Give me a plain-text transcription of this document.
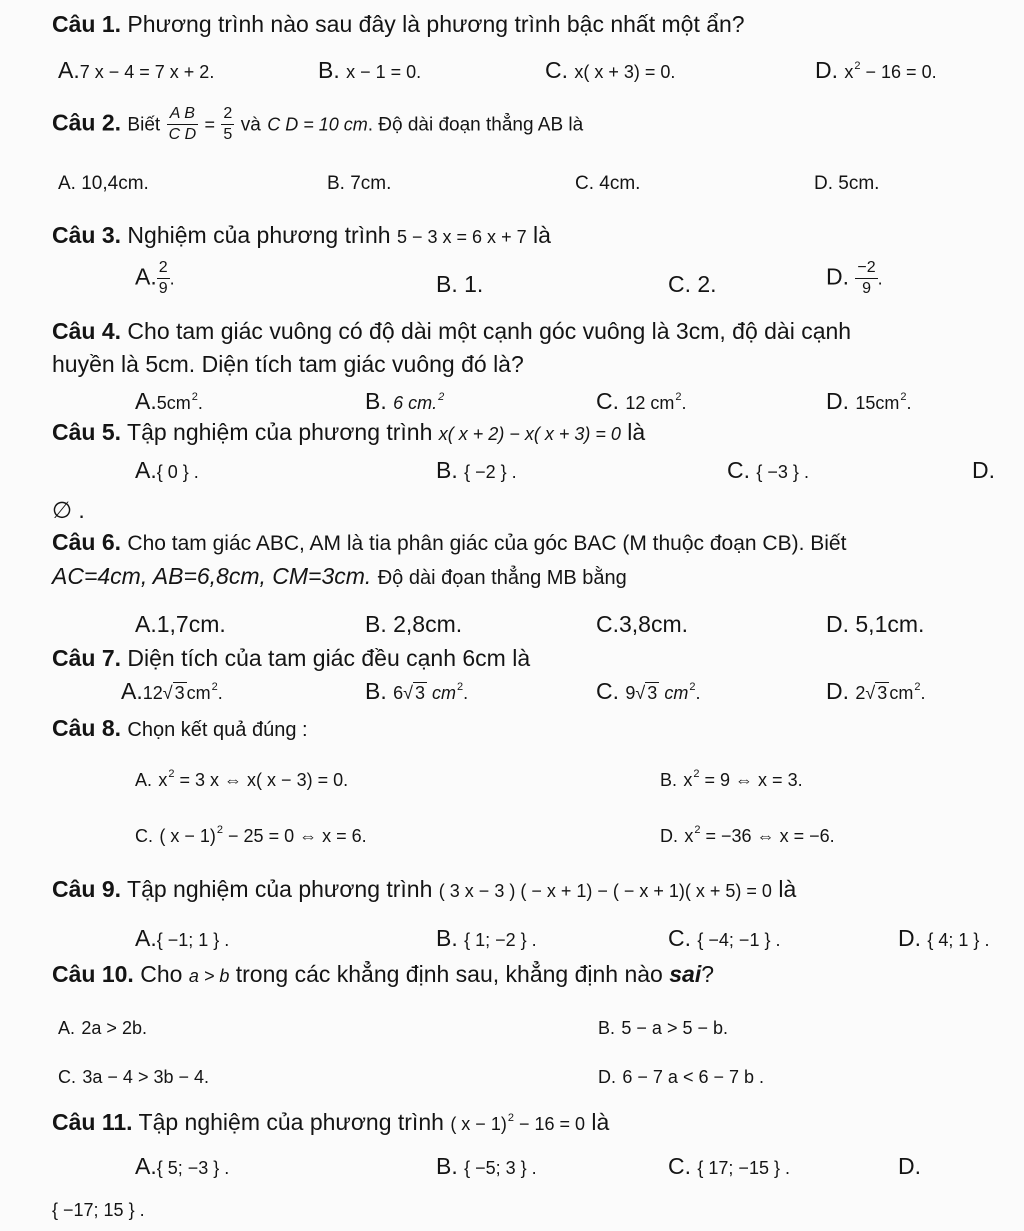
Câu 1. Phương trình nào sau đây là phương trình bậc nhất một ẩn?
A.7 x − 4 = 7 x + 2.	B. x − 1 = 0.	C. x( x + 3) = 0.	D. $x^2 - 16 = 0$.
Câu 2. Biết $\frac{\text{A B}}{\text{C D}} = \frac{2}{5}$ và C D = 10 cm. Độ dài đoạn thẳng AB là
A. 10,4cm.	B. 7cm.	C. 4cm.	D. 5cm.
Câu 3. Nghiệm của phương trình 5 − 3 x = 6 x + 7 là
A. $\frac{2}{9}$ .	B. 1.	C. 2.	D. $\frac{-2}{9}$ .
Câu 4. Cho tam giác vuông có độ dài một cạnh góc vuông là 3cm, độ dài cạnh
huyền là 5cm. Diện tích tam giác vuông đó là?
$A.5cm^2$.	B. 6 cm.$^2$	C. 12 $cm^2$.	D. $15cm^2$.
Câu 5. Tập nghiệm của phương trình x( x + 2) − x( x + 3) = 0 là
A.{ 0 } .	B. { −2 } .	C. { −3 } .	D.
∅ .
Câu 6. Cho tam giác ABC, AM là tia phân giác của góc BAC (M thuộc đoạn CB). Biết
AC=4cm, AB=6,8cm, CM=3cm. Độ dài đọan thẳng MB bằng
A.1,7cm.	B. 2,8cm.	C.3,8cm.	D. 5,1cm.
Câu 7. Diện tích của tam giác đều cạnh 6cm là
A.12√ 3 $cm^2$.	B. 6√ 3 $cm^2$.	C. 9√ 3 $cm^2$.	D. 2√ 3 $cm^2$.
Câu 8. Chọn kết quả đúng :
A. $x^2 = 3$ x ⇔ x( x − 3) = 0.	B. $x^2 = 9$ ⇔ x = 3.
C. ( x − 1)$^2$ − 25 = 0 ⇔ x = 6.	D. $x^2 = -36$ ⇔ x = −6.
Câu 9. Tập nghiệm của phương trình ( 3 x − 3 ) ( − x + 1) − ( − x + 1)( x + 5) = 0 là
A.{ −1; 1 } .	B. { 1; −2 } .	C. { −4; −1 } .	D. { 4; 1 } .
Câu 10. Cho a > b trong các khẳng định sau, khẳng định nào sai?
A. 2a > 2b.	B. 5 − a > 5 − b.
C. 3a − 4 > 3b − 4.	D. 6 − 7 a < 6 − 7 b .
Câu 11. Tập nghiệm của phương trình ( x − 1)$^2$ − 16 = 0 là
A.{ 5; −3 } .	B. { −5; 3 } .	C. { 17; −15 } .	D.
{ −17; 15 } .
